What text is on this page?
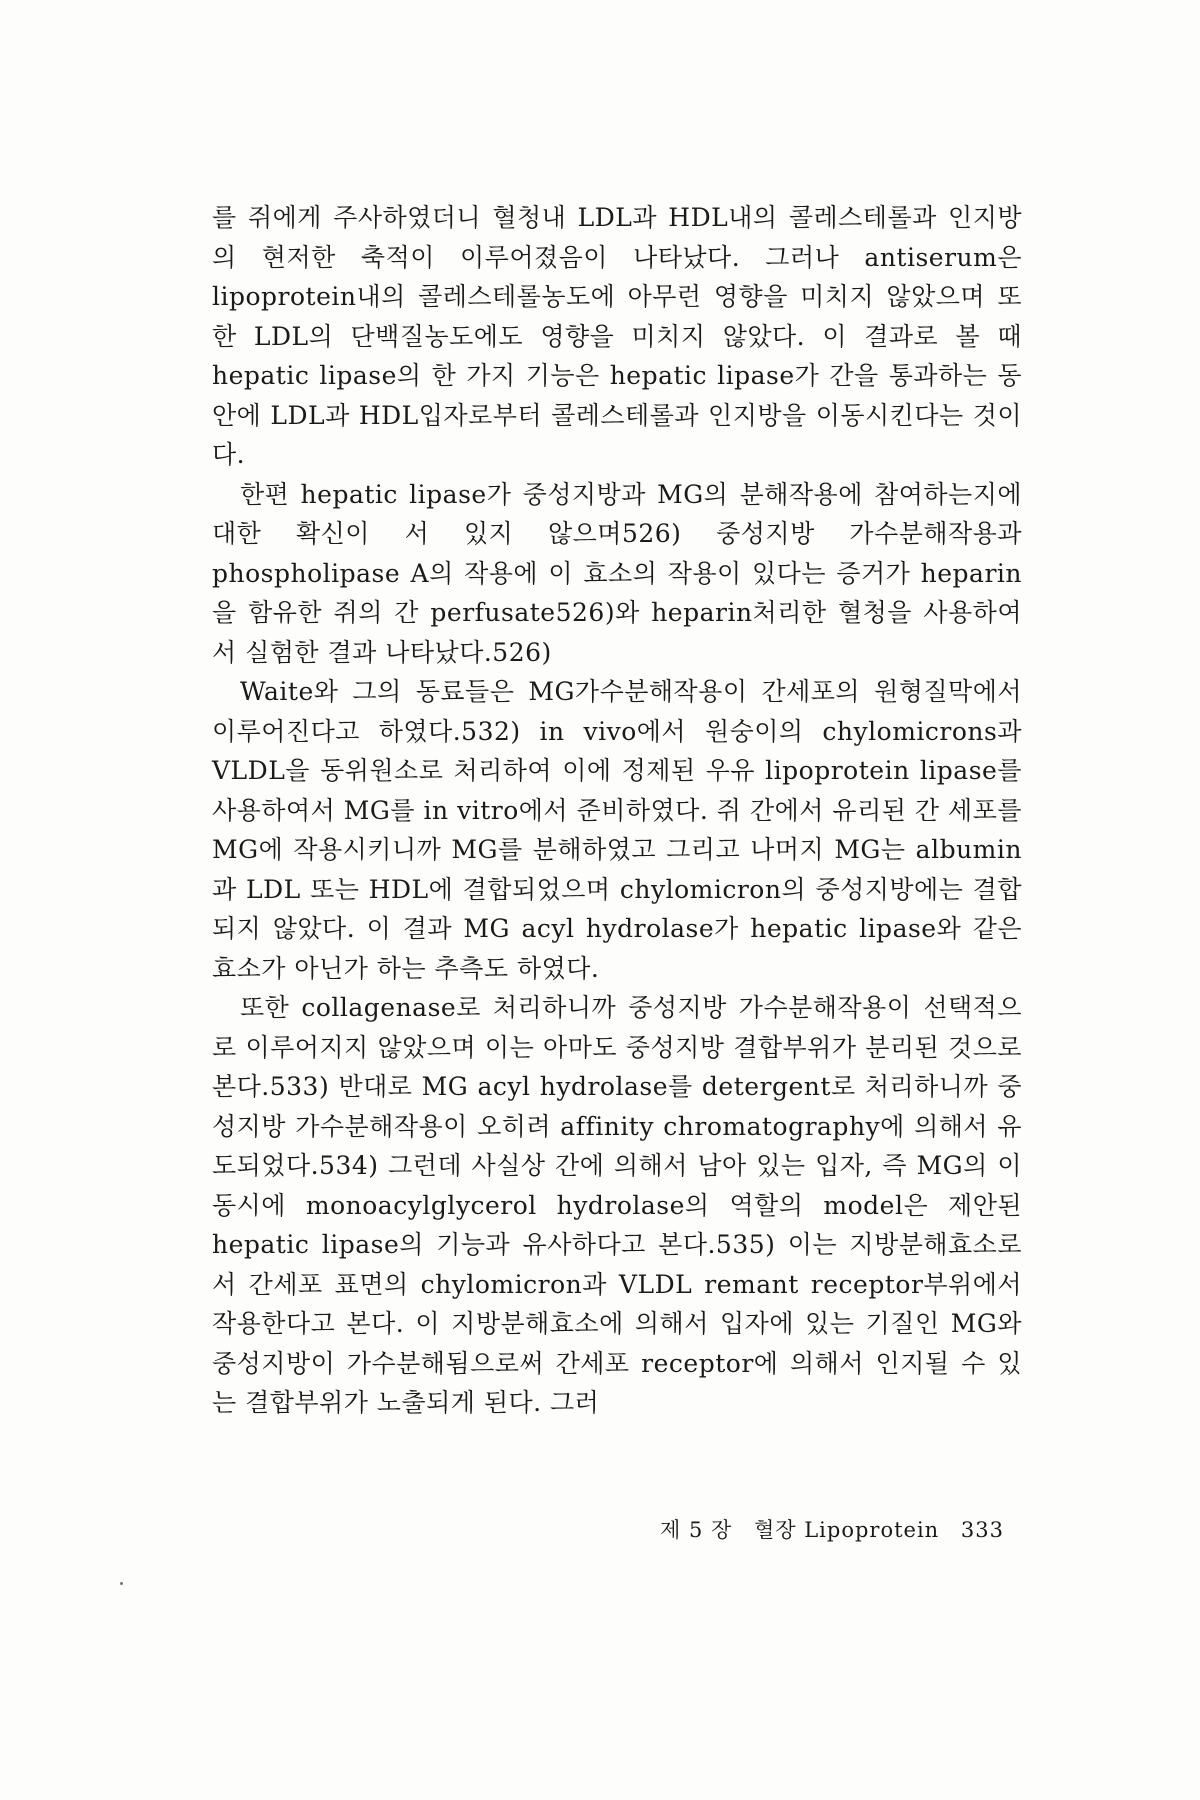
를 쥐에게 주사하였더니 혈청내 LDL과 HDL내의 콜레스테롤과 인지방의 현저한 축적이 이루어졌음이 나타났다. 그러나 antiserum은 lipoprotein내의 콜레스테롤농도에 아무런 영향을 미치지 않았으며 또한 LDL의 단백질농도에도 영향을 미치지 않았다. 이 결과로 볼 때 hepatic lipase의 한 가지 기능은 hepatic lipase가 간을 통과하는 동안에 LDL과 HDL입자로부터 콜레스테롤과 인지방을 이동시킨다는 것이다.

한편 hepatic lipase가 중성지방과 MG의 분해작용에 참여하는지에 대한 확신이 서 있지 않으며526) 중성지방 가수분해작용과 phospholipase A의 작용에 이 효소의 작용이 있다는 증거가 heparin을 함유한 쥐의 간 perfusate526)와 heparin처리한 혈청을 사용하여서 실험한 결과 나타났다.526)

Waite와 그의 동료들은 MG가수분해작용이 간세포의 원형질막에서 이루어진다고 하였다.532) in vivo에서 원숭이의 chylomicrons과 VLDL을 동위원소로 처리하여 이에 정제된 우유 lipoprotein lipase를 사용하여서 MG를 in vitro에서 준비하였다. 쥐 간에서 유리된 간 세포를 MG에 작용시키니까 MG를 분해하였고 그리고 나머지 MG는 albumin과 LDL 또는 HDL에 결합되었으며 chylomicron의 중성지방에는 결합되지 않았다. 이 결과 MG acyl hydrolase가 hepatic lipase와 같은 효소가 아닌가 하는 추측도 하였다.

또한 collagenase로 처리하니까 중성지방 가수분해작용이 선택적으로 이루어지지 않았으며 이는 아마도 중성지방 결합부위가 분리된 것으로 본다.533) 반대로 MG acyl hydrolase를 detergent로 처리하니까 중성지방 가수분해작용이 오히려 affinity chromatography에 의해서 유도되었다.534) 그런데 사실상 간에 의해서 남아 있는 입자, 즉 MG의 이동시에 monoacylglycerol hydrolase의 역할의 model은 제안된 hepatic lipase의 기능과 유사하다고 본다.535) 이는 지방분해효소로서 간세포 표면의 chylomicron과 VLDL remant receptor부위에서 작용한다고 본다. 이 지방분해효소에 의해서 입자에 있는 기질인 MG와 중성지방이 가수분해됨으로써 간세포 receptor에 의해서 인지될 수 있는 결합부위가 노출되게 된다. 그러

제 5 장 혈장 Lipoprotein 333
